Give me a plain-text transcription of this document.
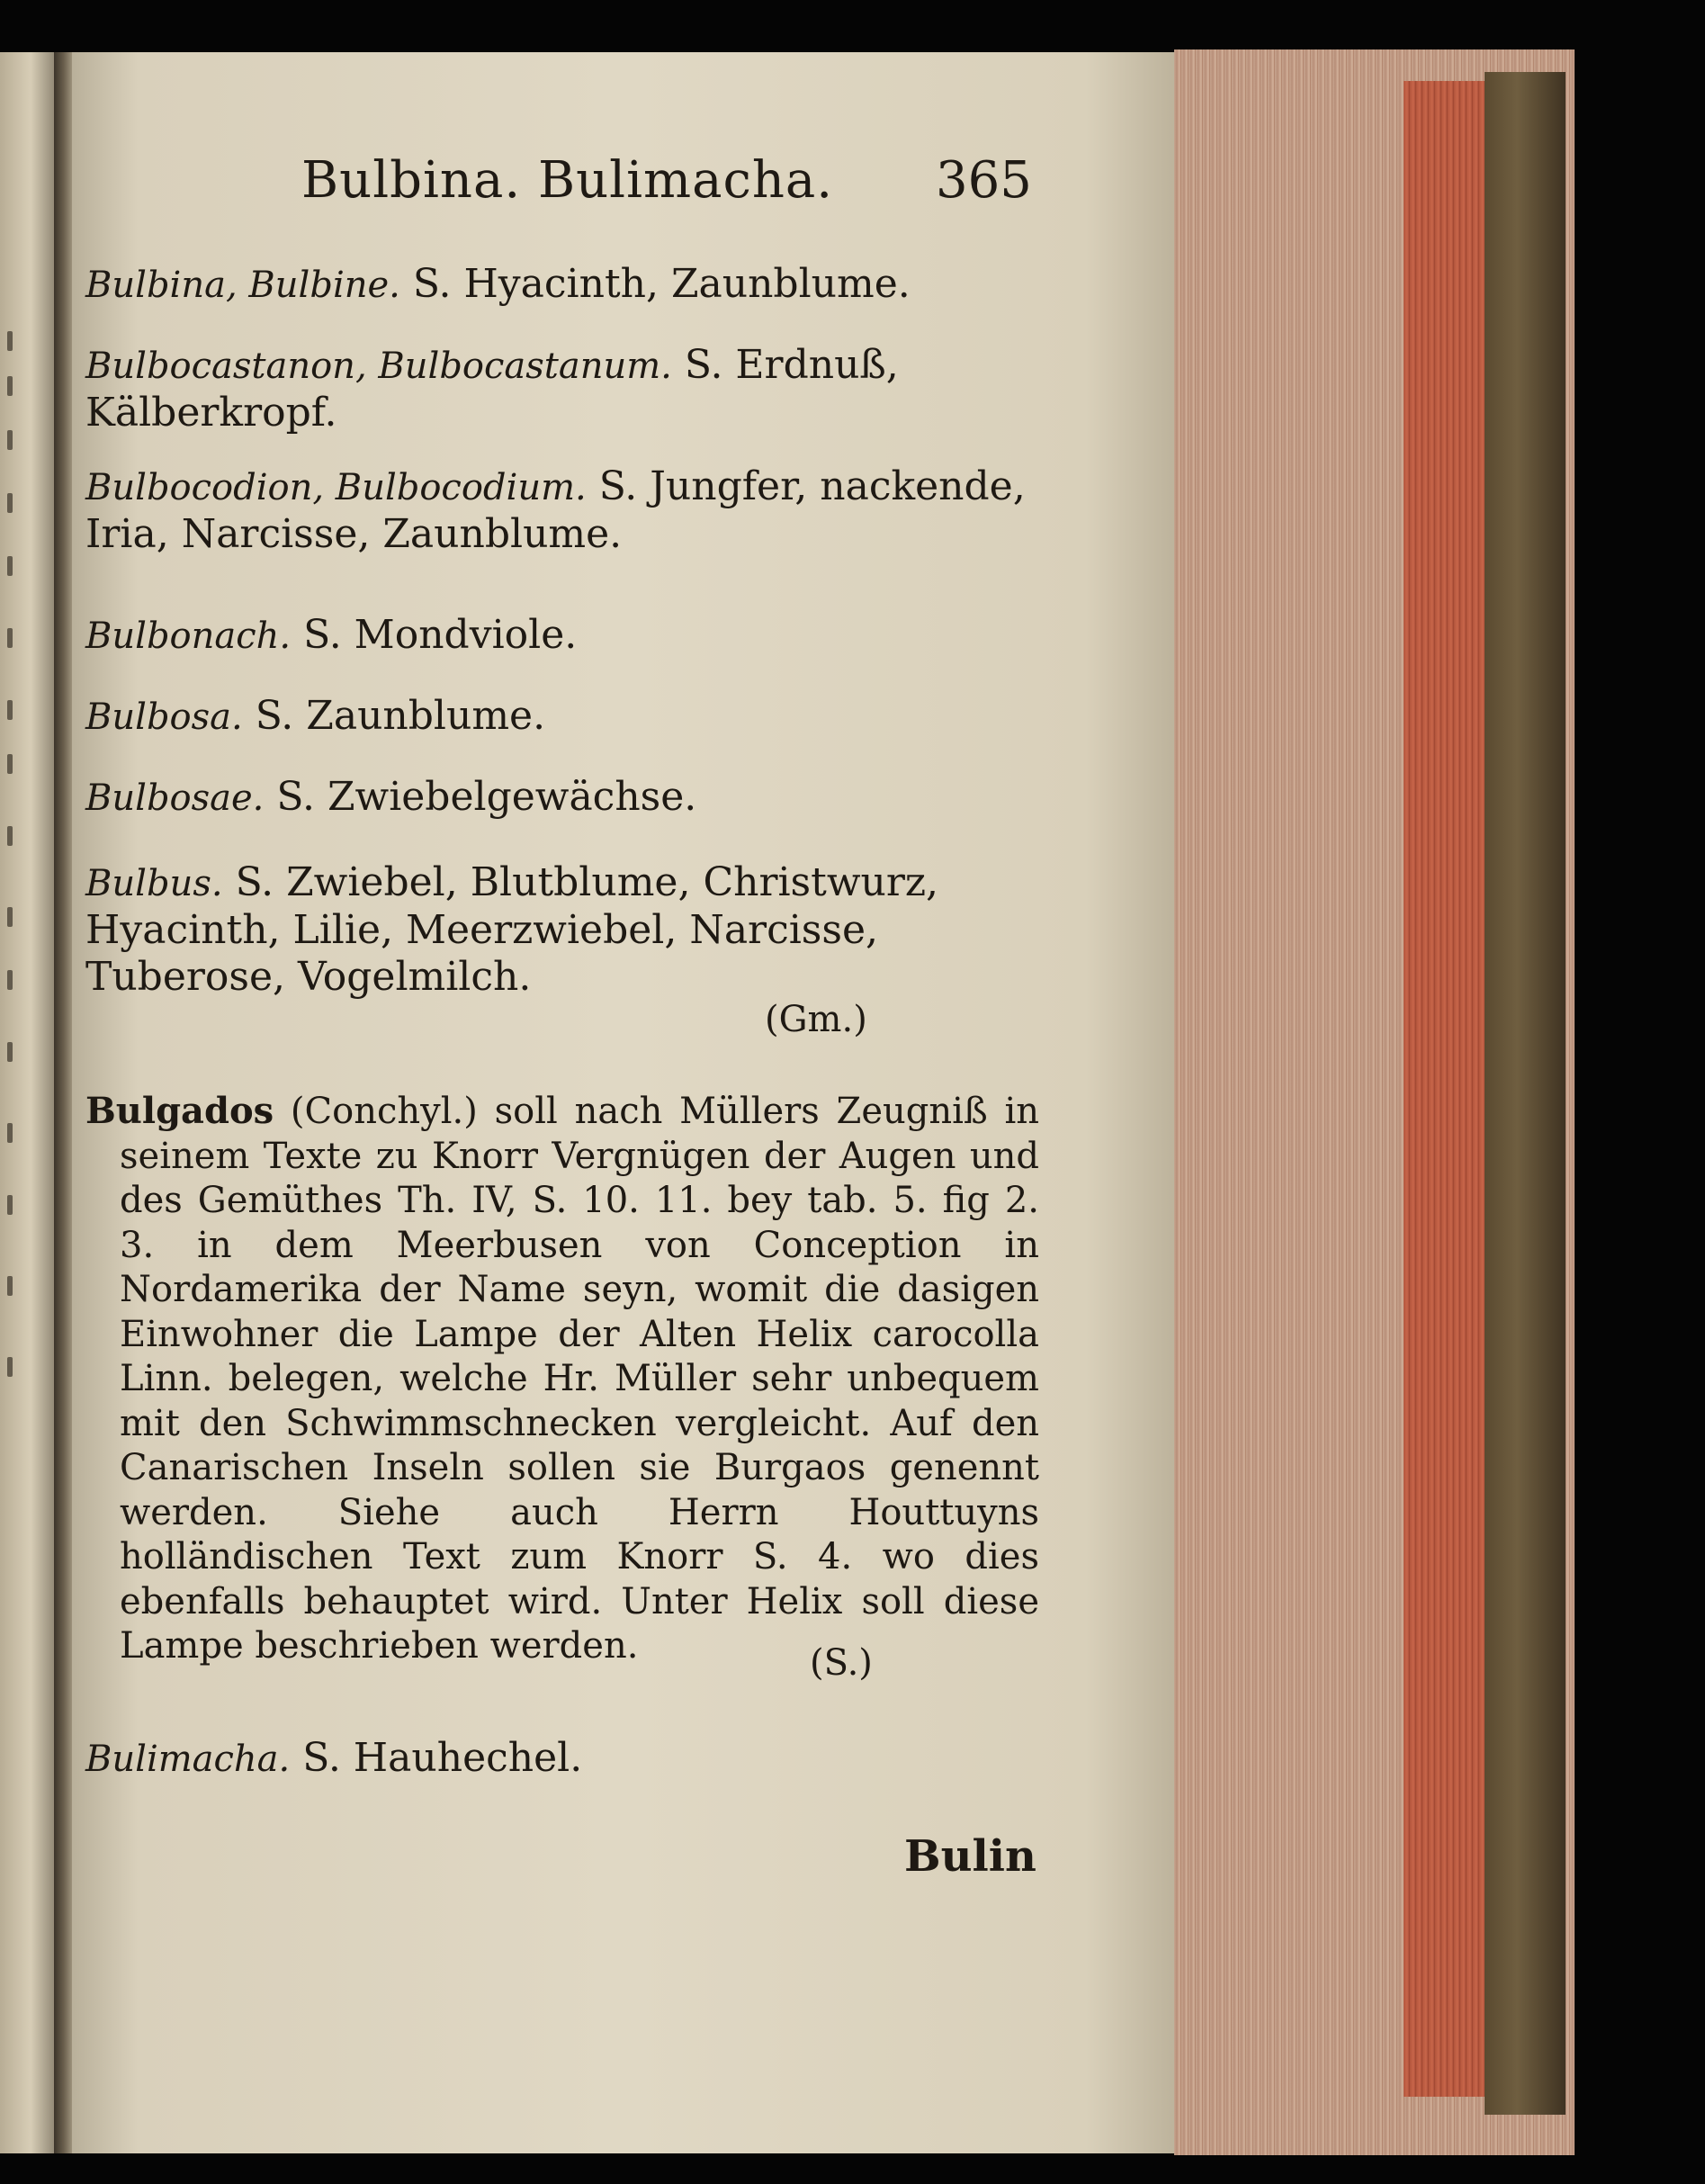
Bulbina. Bulimacha. 365
Bulbina, Bulbine. S. Hyacinth, Zaunblume.
Bulbocastanon, Bulbocastanum. S. Erdnuß, Kälberkropf.
Bulbocodion, Bulbocodium. S. Jungfer, nackende, Iria, Narcisse, Zaunblume.
Bulbonach. S. Mondviole.
Bulbosa. S. Zaunblume.
Bulbosae. S. Zwiebelgewächse.
Bulbus. S. Zwiebel, Blutblume, Christwurz, Hyacinth, Lilie, Meerzwiebel, Narcisse, Tuberose, Vogelmilch.
(Gm.)

Bulgados (Conchyl.) soll nach Müllers Zeugniß in seinem Texte zu Knorr Vergnügen der Augen und des Gemüthes Th. IV, S. 10. 11. bey tab. 5. fig 2. 3. in dem Meerbusen von Conception in Nordamerika der Name seyn, womit die dasigen Einwohner die Lampe der Alten Helix carocolla Linn. belegen, welche Hr. Müller sehr unbequem mit den Schwimmschnecken vergleicht. Auf den Canarischen Inseln sollen sie Burgaos genennt werden. Siehe auch Herrn Houttuyns holländischen Text zum Knorr S. 4. wo dies ebenfalls behauptet wird. Unter Helix soll diese Lampe beschrieben werden.	(S.)
Bulimacha. S. Hauhechel.
Bulin
